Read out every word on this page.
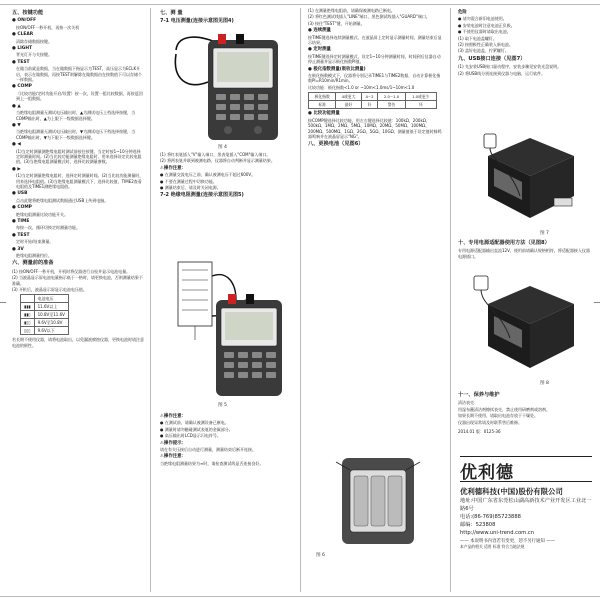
五、按键功能
● ON/OFF

按ON/OFF一秒开机，再按一次关机

● CLEAR

清除存储数据按键。

● LIGHT

背光灯开与关按键。

● TEST

在做当前就是数据，当在做数据下指显示为TEST，高压显示为ECLK开启，表示在做数据，再按TEST则解除在做数据由在按数值下可以存储个一样数据。

● COMP

（比较功能/定时功能开启/设置）按一次，设置一组比较数据，再按返回到上一组数据。

● ▲

当绝缘电阻测量无测试电压输出时，▲为测试电压上档选择按键，当COMP输出时，▲为上限下一级数据选择键。

● ▼

当绝缘电阻测量无测试电压输出时，▼为测试电压下档选择按键，当COMP输出时，▼为下限下一级数据选择键。

● ◀

(1)当定时测量测绝缘电阻时测试前按住按键，当定时按1~10分钟选择定时测量时间。(2)当比较功能测量绝缘电阻时，用来选择设定比较电阻值。(3)当绝缘电阻测量模式时，选择比较测量参数。

● ▶

(1)当定时测量绝缘电阻时，选择定时测量时间。(2)当比较功能测量时，用来选择电阻值。(3)当绝缘电阻测量模式下，选择比较值，TIME2查看电阻值及TIME1测绝缘电阻值。

● USB

点击此键将绝缘电阻测试数据通过USB上传到电脑。

● COMP

绝缘电阻测量比较功能开关。

● TIME

每按一次，循环切换定时测量功能。

● TEST

定时开始/结束测量。

● 3V

绝缘电阻测量挡位。

六、测量前的准备

(1) 按ON/OFF一秒开机，开机时将仪器进行自检并显示电池电量。

(2) 当液晶显示屏电池电量指示低于一格时，请更换电池，否则测量结果不准确。

(3) 开机后，液晶显示屏显示电池电压值。

	电池电压
▮▮▮	11.6V以上
▮▮▯	10.8V至11.6V
▮▯▯	9.6V至10.8V
▯▯▯	9.6V以下

若长期不使用仪器，请将电池取出，以免漏液腐蚀仪器，更换电池时请注意电池的极性。

七、测 量
7-1 电压测量(连接示意图见图4)
图 4

(1) 将红表笔插入"V"输入端口，黑表笔插入"COM"输入端口。

(2) 将两表笔并联到被测电路，仪器将自动判断并显示测量结果。

⚠操作注意：

● 在测量交流电压之前，确认被测电压不超过600V。

● 不要在测量过程中切换功能。

● 测量结束后，请及时关闭电源。

7-2 绝缘电阻测量(连接示意图见图5)
图 5
⚠操作注意：

● 在测试前，请确认被测设备已断电。

● 测量时请勿触碰测试表笔的金属部分。

● 高压输出时LCD显示闪电符号。

⚠操作提示：

请在有关压接后自动进行测量，测量结束后断开连接。

⚠操作注意：

当绝缘电阻测量结果为∞时，请检查测试线是否连接良好。

(1) 在测量绝缘电阻前，请确保被测电路已断电。

(2) 将红色测试线插入"LINE"端口，黑色测试线插入"GUARD"端口。

(3) 按住"TEST"键，开始测量。

● 连续测量

按TIME键选择连续测量模式，在液晶屏上定时显示测量时间，测量结束后显示结果。

● 定时测量

按TIME键选择定时测量模式，设定1~10分钟测量时间，时间到后仪器自动停止测量并显示极化指数PI值。

● 极化指数测量(吸收比测量)

在极化指数模式下，仪器将分别记录TIME1与TIME2数据，自动计算极化指数PI=R10min/R1min。

比较功能：极化指数<1.0 or ~10m<1.0ms/1~10m<1.0

极化指数	4或更大	4~2	2.0~1.0	1.0或更少
标准	最好	好	警告	坏
● 比较功能测量

按COMP键选择比较功能，用左右键选择比较值：100kΩ、200kΩ、500kΩ、1MΩ、2MΩ、5MΩ、10MΩ、20MΩ、50MΩ、100MΩ、200MΩ、500MΩ、1GΩ、2GΩ、5GΩ、10GΩ，测量值低于设定值时蜂鸣器鸣响并在液晶屏显示"NG"。

八、更换电池（见图6）
图 6
危险

● 请勿混合新旧电池使用。

● 安装电池时注意电池正负极。

● 不使用仪器时请取出电池。

(1) 取下电池盖螺钉。

(2) 按照极性正确装入新电池。

(3) 盖好电池盖，拧紧螺钉。

九、USB接口连接（见图7）

(1) 先安装USB接口驱动程序，安装步骤见安装光盘说明。

(2) 将USB线分别连接到仪器与电脑，运行软件。

图 7
十、专用电源适配器使用方法（见图8）

专用电源适配器输出直流12V，使用前请确认规格相符，将适配器接入仪器电源插口。

图 8
十一、保养与维护

清洁表壳：

用湿布蘸清洁剂擦拭表壳，禁止使用研磨剂或溶剂。

如果长期不使用，请取出电池存放于干燥处。

仪器出现异常请及时联系售后维修。

2014.01 版：0125-36

优利德
优利德科技(中国)股份有限公司
地址:中国广东省东莞松山湖高新技术产业开发区工业北一路6号
电话:(86-769)85723888
邮编：523808
http://www.uni-trend.com.cn
—— 本说明书内容若有变更，恕不另行通知 ——
本产品的相关 适用 标准 符合当地法规
